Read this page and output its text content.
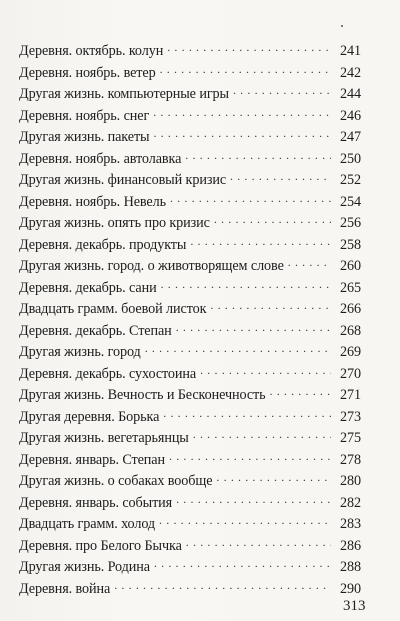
Деревня. октябрь. колун . . .	241
Деревня. ноябрь. ветер . . .	242
Другая жизнь. компьютерные игры . . .	244
Деревня. ноябрь. снег . . .	246
Другая жизнь. пакеты . . .	247
Деревня. ноябрь. автолавка . . .	250
Другая жизнь. финансовый кризис . . .	252
Деревня. ноябрь. Невель . . .	254
Другая жизнь. опять про кризис . . .	256
Деревня. декабрь. продукты . . .	258
Другая жизнь. город. о животворящем слове . . .	260
Деревня. декабрь. сани . . .	265
Двадцать грамм. боевой листок . . .	266
Деревня. декабрь. Степан . . .	268
Другая жизнь. город . . .	269
Деревня. декабрь. сухостоина . . .	270
Другая жизнь. Вечность и Бесконечность . . .	271
Другая деревня. Борька . . .	273
Другая жизнь. вегетарьянцы . . .	275
Деревня. январь. Степан . . .	278
Другая жизнь. о собаках вообще . . .	280
Деревня. январь. события . . .	282
Двадцать грамм. холод . . .	283
Деревня. про Белого Бычка . . .	286
Другая жизнь. Родина . . .	288
Деревня. война . . .	290
313
